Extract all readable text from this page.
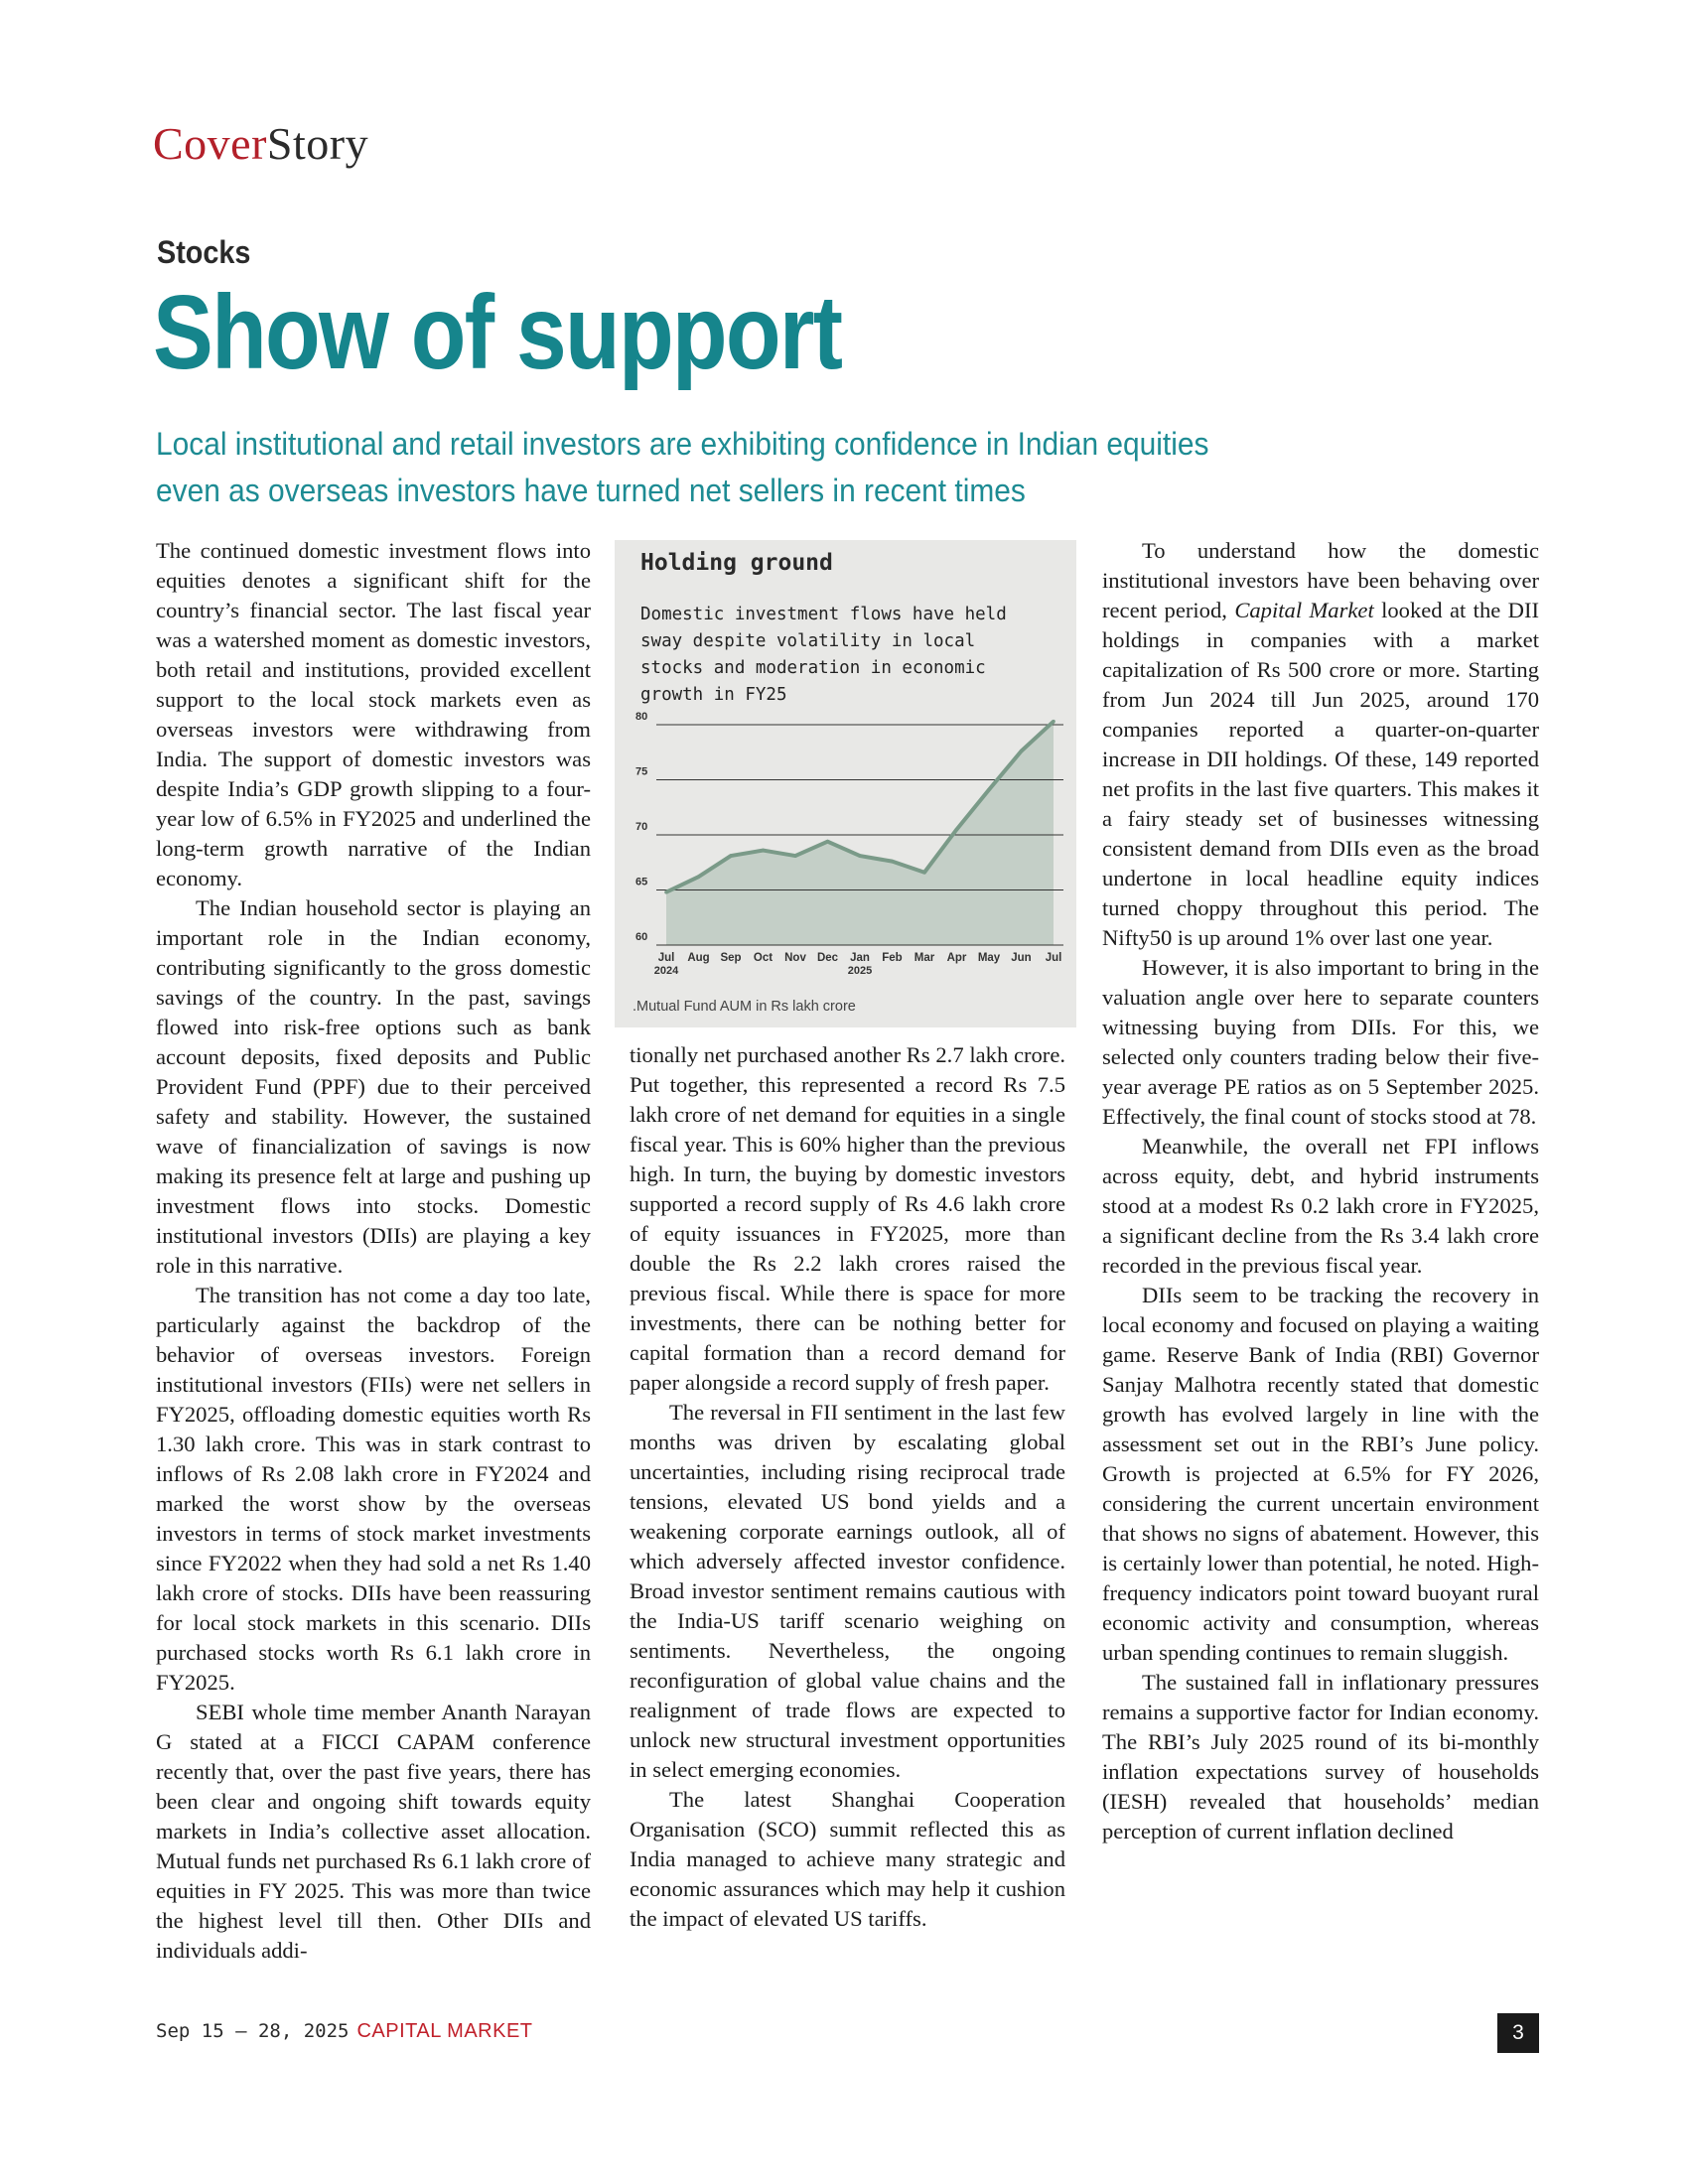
CoverStory
Stocks
Show of support

Local institutional and retail investors are exhibiting confidence in Indian equities

even as overseas investors have turned net sellers in recent times

The continued domestic investment flows into equities denotes a significant shift for the country’s financial sector. The last fiscal year was a watershed moment as domestic investors, both retail and institutions, provided excellent support to the local stock markets even as overseas investors were withdrawing from India. The support of domestic investors was despite India’s GDP growth slipping to a four-year low of 6.5% in FY2025 and underlined the long-term growth narrative of the Indian economy.

The Indian household sector is playing an important role in the Indian economy, contributing significantly to the gross domestic savings of the country. In the past, savings flowed into risk-free options such as bank account deposits, fixed deposits and Public Provident Fund (PPF) due to their perceived safety and stability. However, the sustained wave of financialization of savings is now making its presence felt at large and pushing up investment flows into stocks. Domestic institutional investors (DIIs) are playing a key role in this narrative.

The transition has not come a day too late, particularly against the backdrop of the behavior of overseas investors. Foreign institutional investors (FIIs) were net sellers in FY2025, offloading domestic equities worth Rs 1.30 lakh crore. This was in stark contrast to inflows of Rs 2.08 lakh crore in FY2024 and marked the worst show by the overseas investors in terms of stock market investments since FY2022 when they had sold a net Rs 1.40 lakh crore of stocks. DIIs have been reassuring for local stock markets in this scenario. DIIs purchased stocks worth Rs 6.1 lakh crore in FY2025.

SEBI whole time member Ananth Narayan G stated at a FICCI CAPAM conference recently that, over the past five years, there has been clear and ongoing shift towards equity markets in India’s collective asset allocation. Mutual funds net purchased Rs 6.1 lakh crore of equities in FY 2025. This was more than twice the highest level till then. Other DIIs and individuals addi-

Holding ground
Domestic investment flows have held sway despite volatility in local stocks and moderation in economic growth in FY25
60
65
70
75
80
Jul
2024
Aug Sep Oct Nov Dec Jan
2025
Feb Mar Apr May Jun Jul
.Mutual Fund AUM in Rs lakh crore

tionally net purchased another Rs 2.7 lakh crore. Put together, this represented a record Rs 7.5 lakh crore of net demand for equities in a single fiscal year. This is 60% higher than the previous high. In turn, the buying by domestic investors supported a record supply of Rs 4.6 lakh crore of equity issuances in FY2025, more than double the Rs 2.2 lakh crores raised the previous fiscal. While there is space for more investments, there can be nothing better for capital formation than a record demand for paper alongside a record supply of fresh paper.

The reversal in FII sentiment in the last few months was driven by escalating global uncertainties, including rising reciprocal trade tensions, elevated US bond yields and a weakening corporate earnings outlook, all of which adversely affected investor confidence. Broad investor sentiment remains cautious with the India-US tariff scenario weighing on sentiments. Nevertheless, the ongoing reconfiguration of global value chains and the realignment of trade flows are expected to unlock new structural investment opportunities in select emerging economies.

The latest Shanghai Cooperation Organisation (SCO) summit reflected this as India managed to achieve many strategic and economic assurances which may help it cushion the impact of elevated US tariffs.

To understand how the domestic institutional investors have been behaving over recent period, Capital Market looked at the DII holdings in companies with a market capitalization of Rs 500 crore or more. Starting from Jun 2024 till Jun 2025, around 170 companies reported a quarter-on-quarter increase in DII holdings. Of these, 149 reported net profits in the last five quarters. This makes it a fairy steady set of businesses witnessing consistent demand from DIIs even as the broad undertone in local headline equity indices turned choppy throughout this period. The Nifty50 is up around 1% over last one year.

However, it is also important to bring in the valuation angle over here to separate counters witnessing buying from DIIs. For this, we selected only counters trading below their five-year average PE ratios as on 5 September 2025. Effectively, the final count of stocks stood at 78.

Meanwhile, the overall net FPI inflows across equity, debt, and hybrid instruments stood at a modest Rs 0.2 lakh crore in FY2025, a significant decline from the Rs 3.4 lakh crore recorded in the previous fiscal year.

DIIs seem to be tracking the recovery in local economy and focused on playing a waiting game. Reserve Bank of India (RBI) Governor Sanjay Malhotra recently stated that domestic growth has evolved largely in line with the assessment set out in the RBI’s June policy. Growth is projected at 6.5% for FY 2026, considering the current uncertain environment that shows no signs of abatement. However, this is certainly lower than potential, he noted. High-frequency indicators point toward buoyant rural economic activity and consumption, whereas urban spending continues to remain sluggish.

The sustained fall in inflationary pressures remains a supportive factor for Indian economy. The RBI’s July 2025 round of its bi-monthly inflation expectations survey of households (IESH) revealed that households’ median perception of current inflation declined

Sep 15 – 28, 2025 CAPITAL MARKET	3
